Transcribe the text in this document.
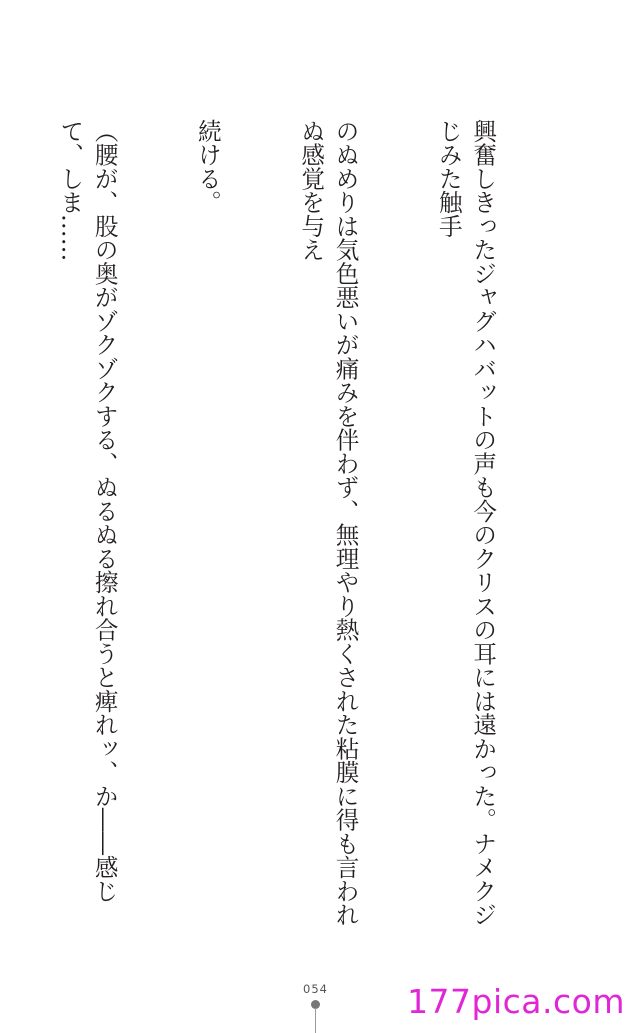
興奮しきったジャグハバットの声も今のクリスの耳には遠かった。ナメクジじみた触手

のぬめりは気色悪いが痛みを伴わず、無理やり熱くされた粘膜に得も言われぬ感覚を与え

続ける。

（腰が、股の奥がゾクゾクする、ぬるぬる擦れ合うと痺れッ、か――感じて、しま……

054	177pica.com
